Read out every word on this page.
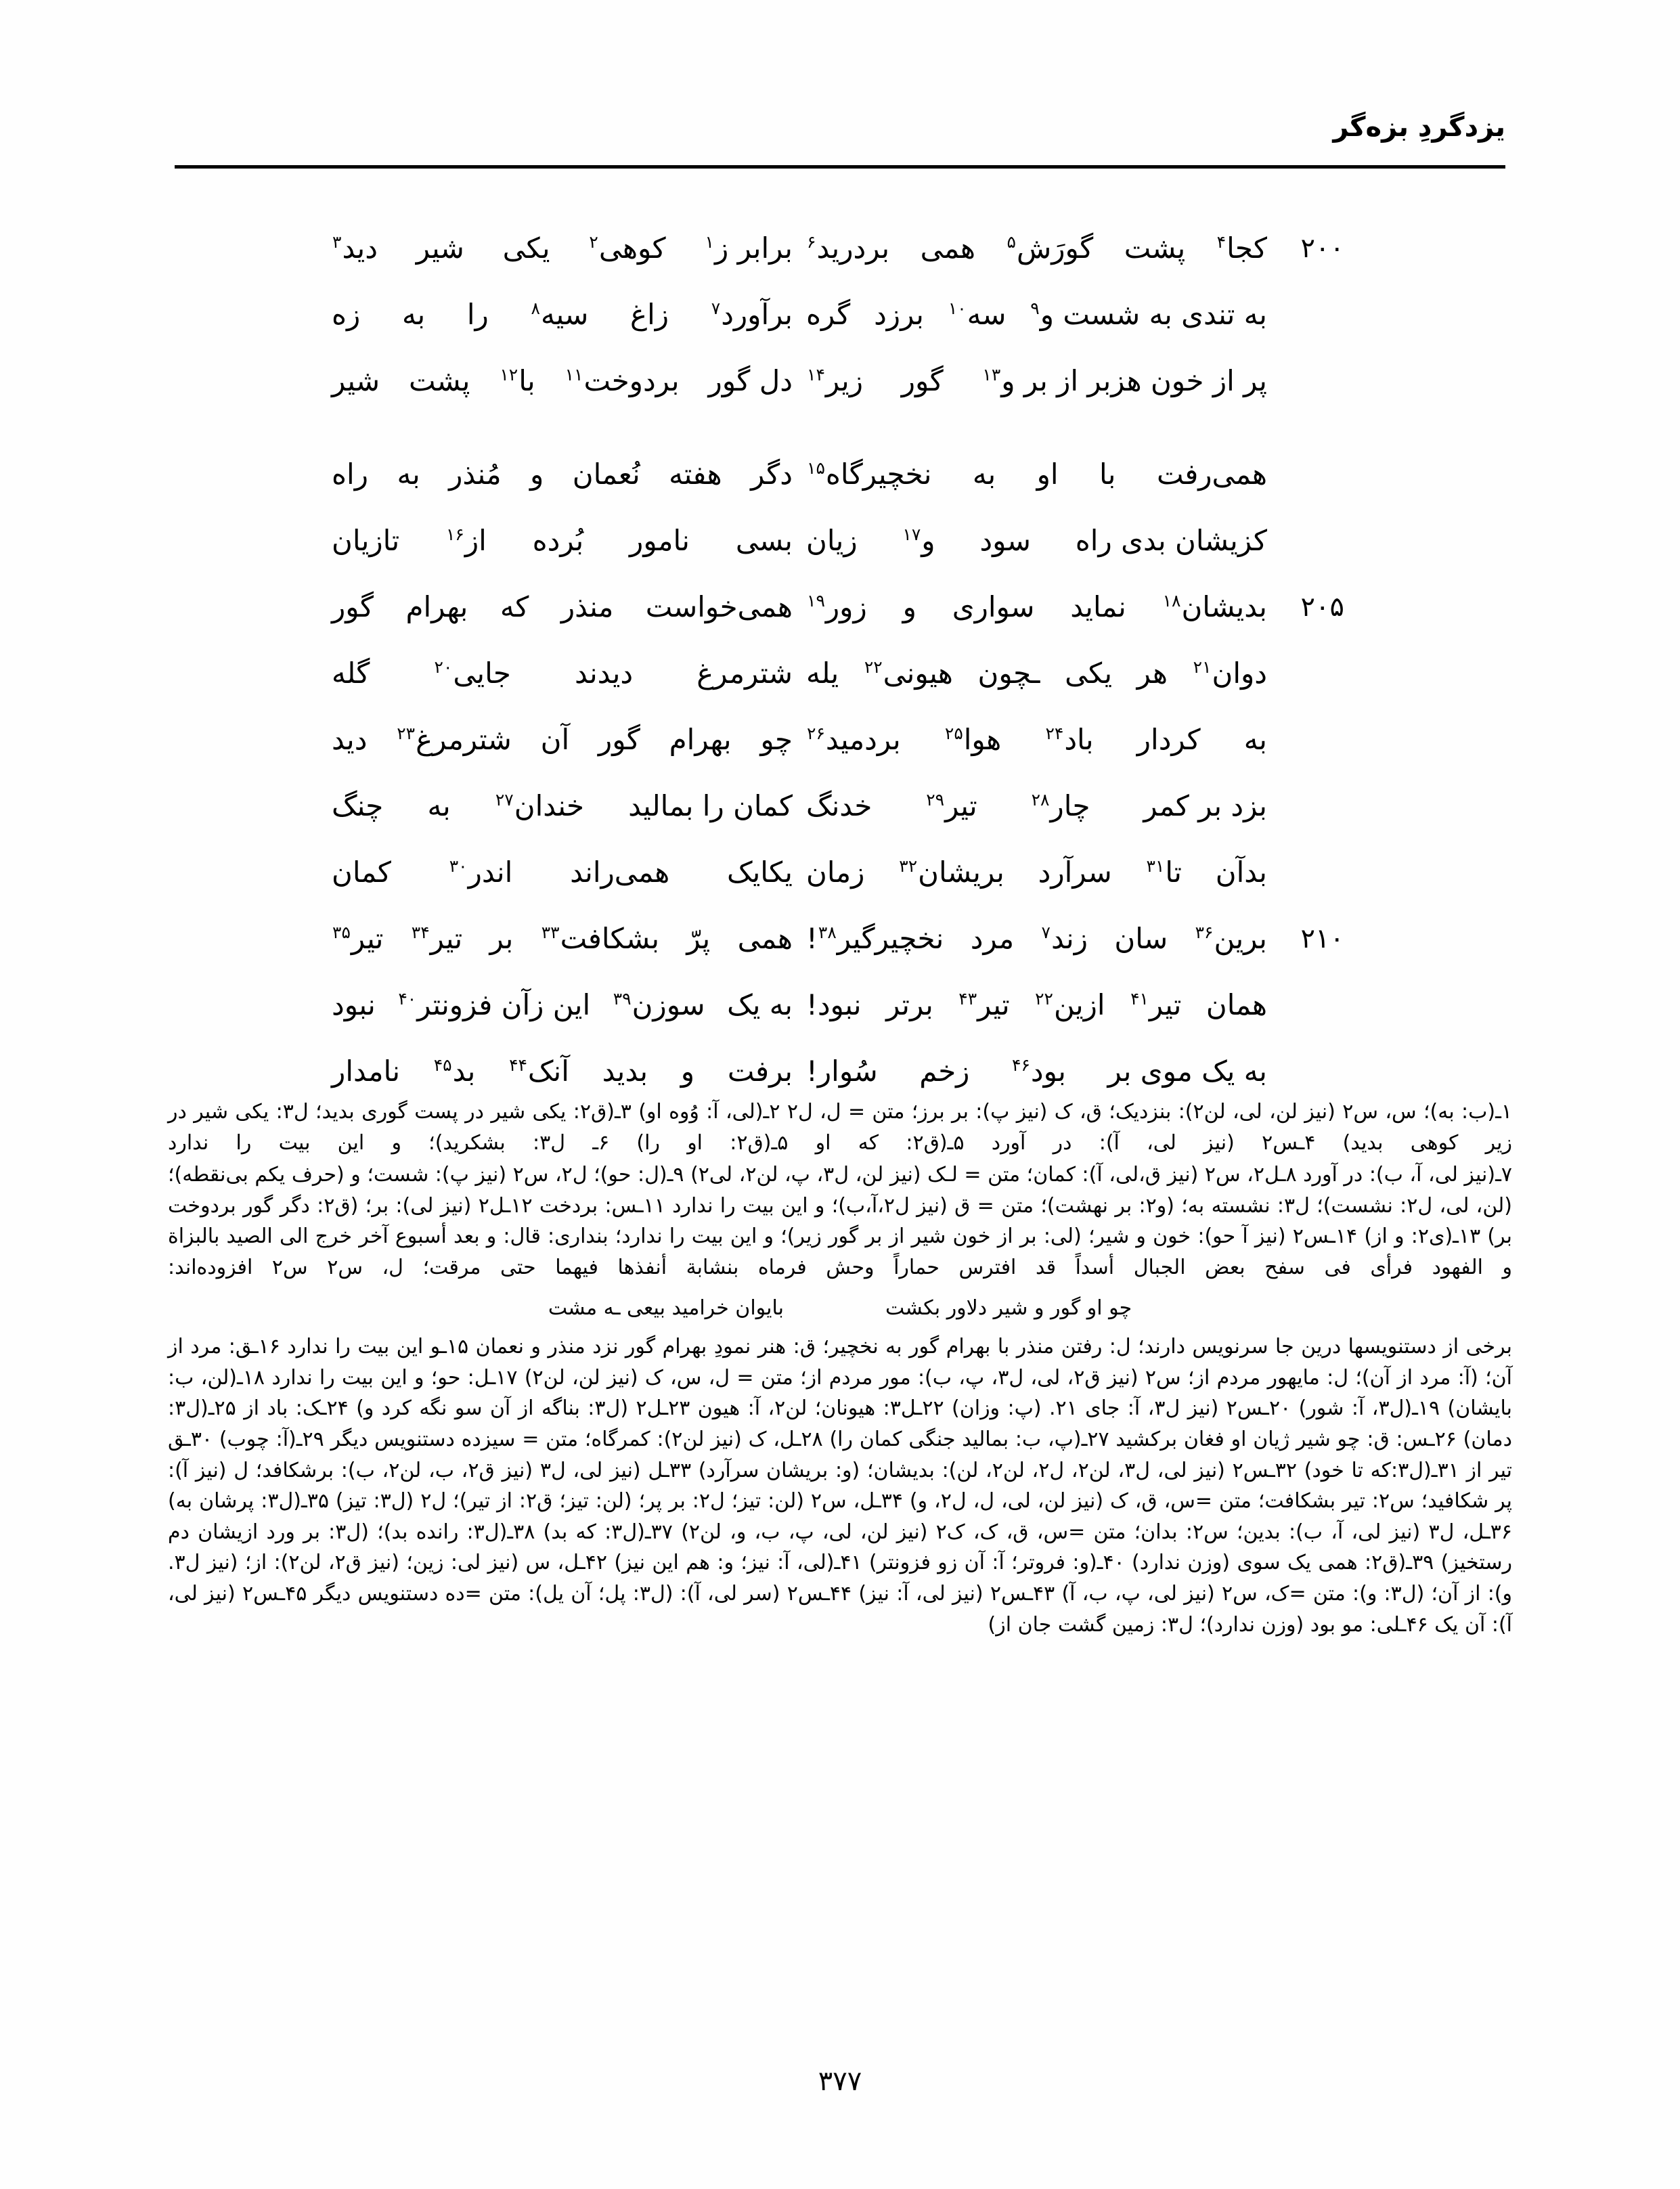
یزدگردِ بزه‌گر
۲۰۰
کجا$^۴$
پشت
گورَش$^۵$
همی
بردرید$^۶$
برابر ز$^۱$
کوهی$^۲$
یکی
شیر
دید$^۳$
به تندی به شست و$^۹$
سه$^{۱۰}$
برزد
گره
برآورد$^۷$
زاغ
سیه$^۸$
را
به
زه
پر از خون هزبر از بر و$^{۱۳}$
گور
زیر$^{۱۴}$
دل گور
بردوخت$^{۱۱}$
با$^{۱۲}$
پشت
شیر
همی‌رفت
با
او
به
نخچیرگاه$^{۱۵}$
دگر
هفته
نُعمان
و
مُنذر
به
راه
کزیشان بدی راه
سود
و$^{۱۷}$
زیان
بسی
نامور
بُرده
از$^{۱۶}$
تازیان
۲۰۵
بدیشان$^{۱۸}$
نماید
سواری
و
زور$^{۱۹}$
همی‌خواست
منذر
که
بهرام
گور
دوان$^{۲۱}$
هر
یکی
ـچون
هیونی$^{۲۲}$
یله
شترمرغ
دیدند
جایی$^{۲۰}$
گله
به
کردار
باد$^{۲۴}$
هوا$^{۲۵}$
بردمید$^{۲۶}$
چو
بهرام
گور
آن
شترمرغ$^{۲۳}$
دید
بزد بر کمر
چار$^{۲۸}$
تیر$^{۲۹}$
خدنگ
کمان را بمالید
خندان$^{۲۷}$
به
چنگ
بدآن
تا$^{۳۱}$
سرآرد
بریشان$^{۳۲}$
زمان
یکایک
همی‌راند
اندر$^{۳۰}$
کمان
۲۱۰
برین$^{۳۶}$
سان
زند$^۷$
مرد
نخچیرگیر$^{۳۸}$!
همی
پرّ
بشکافت$^{۳۳}$
بر
تیر$^{۳۴}$
تیر$^{۳۵}$
همان
تیر$^{۴۱}$
ازین$^{۲۲}$
تیر$^{۴۳}$
برتر
نبود!
به یک
سوزن$^{۳۹}$
این زآن فزونتر$^{۴۰}$
نبود
به یک موی بر
بود$^{۴۶}$
زخم
سُوار!
برفت
و
بدید
آنک$^{۴۴}$
بد$^{۴۵}$
نامدار
۱ـ(ب: به)؛ س، س۲ (نیز لن، لی، لن۲): بنزدیک؛ ق، ک (نیز پ): بر برز؛ متن = ل، ل۲ ۲ـ(لی، آ: وُوه او) ۳ـ(ق۲: یکی شیر در پست گوری بدید؛ ل۳: یکی شیر در زیر کوهی بدید) ۴ـس۲ (نیز لی، آ): در آورد ۵ـ(ق۲: که او ۵ـ(ق۲: او را) ۶ـ ل۳: بشکرید)؛ و این بیت را ندارد
۷ـ(نیز لی، آ، ب): در آورد ۸ـل۲، س۲ (نیز ق،لی، آ): کمان؛ متن = لـک (نیز لن، ل۳، پ، لن۲، لی۲) ۹ـ(ل: حو)؛ ل۲، س۲ (نیز پ): شست؛ و (حرف یکم بی‌نقطه)؛ (لن، لی، ل۲: نشست)؛ ل۳: نشسته به؛ (و۲: بر نهشت)؛ متن = ق (نیز ل۲،آ،ب)؛ و این بیت را ندارد ۱۱ـس: بردخت ۱۲ـل۲ (نیز لی): بر؛ (ق۲: دگر گور بردوخت بر) ۱۳ـ(ی۲: و از) ۱۴ـس۲ (نیز آ حو): خون و شیر؛ (لی: بر از خون شیر از بر گور زیر)؛ و این بیت را ندارد؛ بنداری: قال: و بعد أسبوع آخر خرج الی الصید بالبزاة و الفهود فرأى فی سفح بعض الجبال أسداً قد افترس حماراً وحش فرماه بنشابة أنفذها فیهما حتی مرقت؛ ل، س۲ س۲ افزوده‌اند:
چو او گور و شیر دلاور بکشت
بایوان خرامید بیعی ـه مشت
برخی از دستنویسها درین جا سرنویس دارند؛ ل: رفتن منذر با بهرام گور به نخچیر؛ ق: هنر نمودِ بهرام گور نزد منذر و نعمان ۱۵ـو این بیت را ندارد ۱۶ـق: مرد از آن؛ (آ: مرد از آن)؛ ل: مایهور مردم از؛ س۲ (نیز ق۲، لی، ل۳، پ، ب): مور مردم از؛ متن = ل، س، ک (نیز لن، لن۲) ۱۷ـل: حو؛ و این بیت را ندارد ۱۸ـ(لن، ب: بایشان) ۱۹ـ(ل۳، آ: شور) ۲۰ـس۲ (نیز ل۳، آ: جای ۲۱. (پ: وزان) ۲۲ـل۳: هیونان؛ لن۲، آ: هیون ۲۳ـل۲ (ل۳: بناگه از آن سو نگه کرد و) ۲۴ـک: باد از ۲۵ـ(ل۳: دمان) ۲۶ـس: ق: چو شیر ژیان او فغان برکشید ۲۷ـ(پ، ب: بمالید جنگی کمان را) ۲۸ـل، ک (نیز لن۲): کمرگاه؛ متن = سیزده دستنویس دیگر ۲۹ـ(آ: چوب) ۳۰ـق تیر از ۳۱ـ(ل۳:که تا خود) ۳۲ـس۲ (نیز لی، ل۳، لن۲، ل۲، لن۲، لن): بدیشان؛ (و: بریشان سرآرد) ۳۳ـل (نیز لی، ل۳ (نیز ق۲، ب، لن۲، ب): برشکافد؛ ل (نیز آ): پر شکافید؛ س۲: تیر بشکافت؛ متن =س، ق، ک (نیز لن، لی، ل، ل۲، و) ۳۴ـل، س۲ (لن: تیز؛ ل۲: بر پر؛ (لن: تیز؛ ق۲: از تیر)؛ ل۲ (ل۳: تیز) ۳۵ـ(ل۳: پرشان به) ۳۶ـل، ل۳ (نیز لی، آ، ب): بدین؛ س۲: بدان؛ متن =س، ق، ک، ک۲ (نیز لن، لی، پ، ب، و، لن۲) ۳۷ـ(ل۳: که بد) ۳۸ـ(ل۳: رانده بد)؛ (ل۳: بر ورد ازیشان دم رستخیز) ۳۹ـ(ق۲: همی یک سوی (وزن ندارد) ۴۰ـ(و: فروتر؛ آ: آن زو فزونتر) ۴۱ـ(لی، آ: نیز؛ و: هم این نیز) ۴۲ـل، س (نیز لی: زین؛ (نیز ق۲، لن۲): از؛ (نیز ل۳. و): از آن؛ (ل۳: و): متن =ک، س۲ (نیز لی، پ، ب، آ) ۴۳ـس۲ (نیز لی، آ: نیز) ۴۴ـس۲ (سر لی، آ): (ل۳: پل؛ آن یل): متن =ده دستنویس دیگر ۴۵ـس۲ (نیز لی، آ): آن یک ۴۶ـلی: مو بود (وزن ندارد)؛ ل۳: زمین گشت جان از)
۳۷۷
